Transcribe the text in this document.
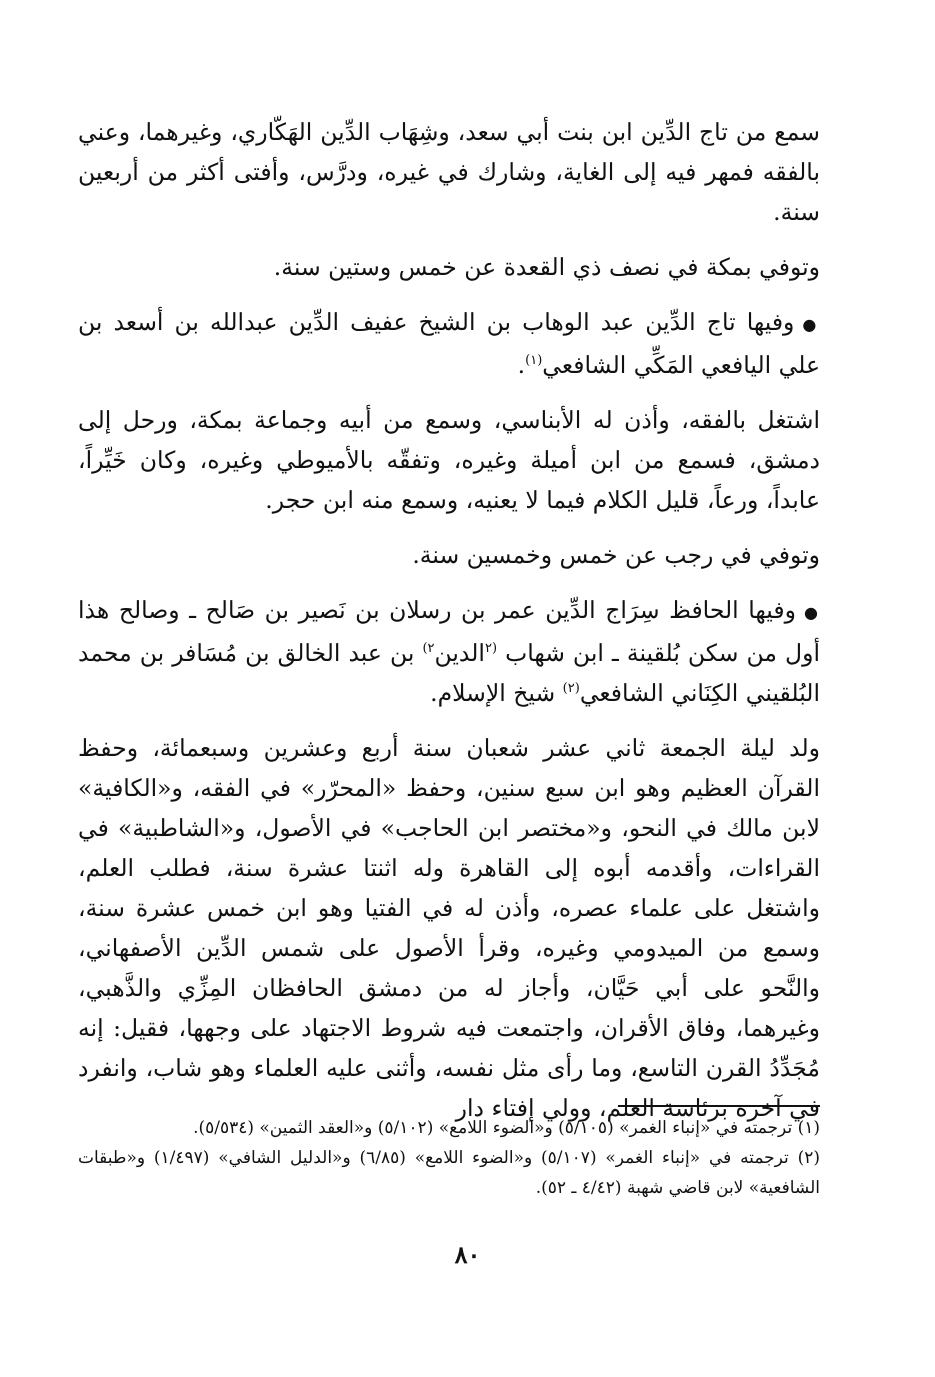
سمع من تاج الدِّين ابن بنت أبي سعد، وشِهَاب الدِّين الهَكّاري، وغيرهما، وعني بالفقه فمهر فيه إلى الغاية، وشارك في غيره، ودرَّس، وأفتى أكثر من أربعين سنة.

وتوفي بمكة في نصف ذي القعدة عن خمس وستين سنة.

●وفيها تاج الدِّين عبد الوهاب بن الشيخ عفيف الدِّين عبدالله بن أسعد بن علي اليافعي المَكِّي الشافعي$^{(١)}$.

اشتغل بالفقه، وأذن له الأبناسي، وسمع من أبيه وجماعة بمكة، ورحل إلى دمشق، فسمع من ابن أميلة وغيره، وتفقّه بالأميوطي وغيره، وكان خَيِّراً، عابداً، ورعاً، قليل الكلام فيما لا يعنيه، وسمع منه ابن حجر.

وتوفي في رجب عن خمس وخمسين سنة.

●وفيها الحافظ سِرَاج الدِّين عمر بن رسلان بن نَصير بن صَالح ـ وصالح هذا أول من سكن بُلقينة ـ ابن شهاب $^{(٢}$الدين$^{٢)}$ بن عبد الخالق بن مُسَافر بن محمد البُلقيني الكِنَاني الشافعي$^{(٢)}$ شيخ الإسلام.

ولد ليلة الجمعة ثاني عشر شعبان سنة أربع وعشرين وسبعمائة، وحفظ القرآن العظيم وهو ابن سبع سنين، وحفظ «المحرّر» في الفقه، و«الكافية» لابن مالك في النحو، و«مختصر ابن الحاجب» في الأصول، و«الشاطبية» في القراءات، وأقدمه أبوه إلى القاهرة وله اثنتا عشرة سنة، فطلب العلم، واشتغل على علماء عصره، وأذن له في الفتيا وهو ابن خمس عشرة سنة، وسمع من الميدومي وغيره، وقرأ الأصول على شمس الدِّين الأصفهاني، والنَّحو على أبي حَيَّان، وأجاز له من دمشق الحافظان المِزِّي والذَّهبي، وغيرهما، وفاق الأقران، واجتمعت فيه شروط الاجتهاد على وجهها، فقيل: إنه مُجَدِّدُ القرن التاسع، وما رأى مثل نفسه، وأثنى عليه العلماء وهو شاب، وانفرد في آخره برئاسة العلم، وولي إفتاء دار

(١) ترجمته في «إنباء الغمر» (٥/١٠٥) و«الضوء اللامع» (٥/١٠٢) و«العقد الثمين» (٥/٥٣٤).

(٢) ترجمته في «إنباء الغمر» (٥/١٠٧) و«الضوء اللامع» (٦/٨٥) و«الدليل الشافي» (١/٤٩٧) و«طبقات الشافعية» لابن قاضي شهبة (٤/٤٢ ـ ٥٢).

٨٠
